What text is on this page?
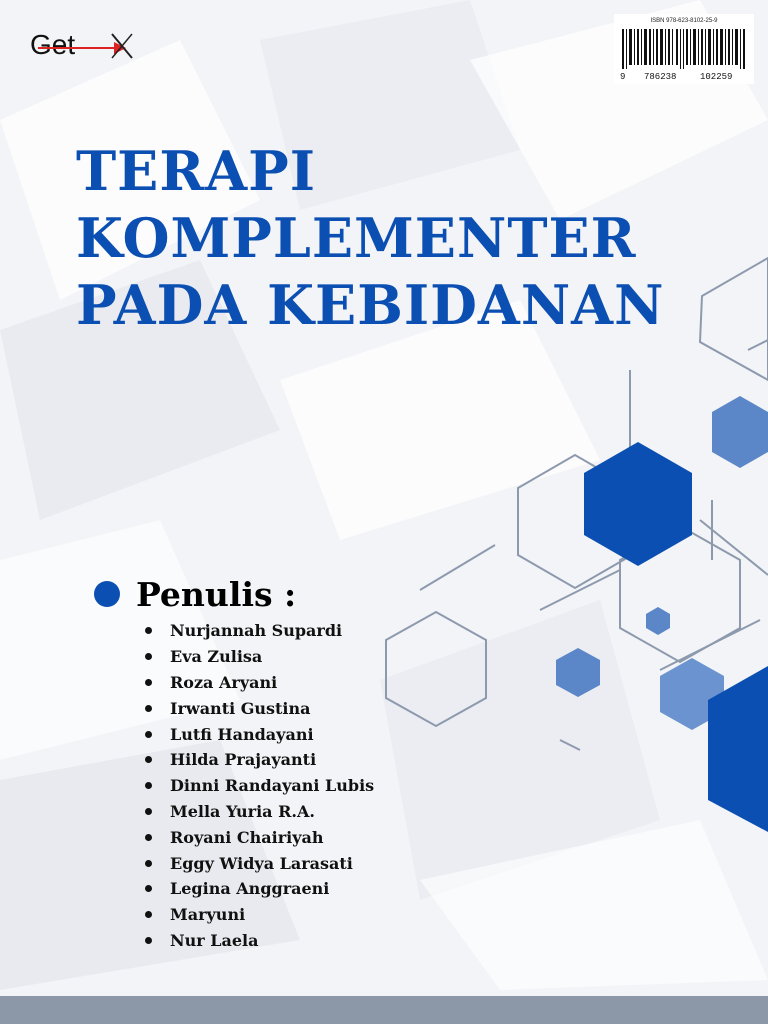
Get
ISBN 978-623-8102-25-9
9 786238	102259
TERAPI
KOMPLEMENTER
PADA KEBIDANAN
Penulis :
Nurjannah Supardi
Eva Zulisa
Roza Aryani
Irwanti Gustina
Lutfi Handayani
Hilda Prajayanti
Dinni Randayani Lubis
Mella Yuria R.A.
Royani Chairiyah
Eggy Widya Larasati
Legina Anggraeni
Maryuni
Nur Laela
